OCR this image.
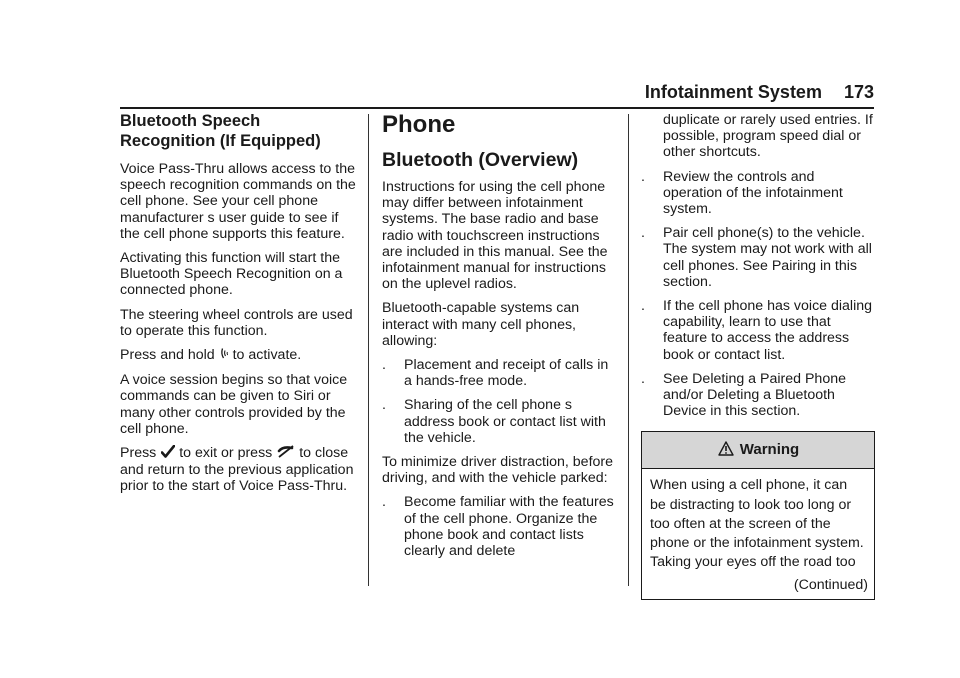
Infotainment System 173
Bluetooth Speech Recognition (If Equipped)

Voice Pass-Thru allows access to the speech recognition commands on the cell phone. See your cell phone manufacturer s user guide to see if the cell phone supports this feature.

Activating this function will start the Bluetooth Speech Recognition on a connected phone.

The steering wheel controls are used to operate this function.

Press and hold to activate.

A voice session begins so that voice commands can be given to Siri or many other controls provided by the cell phone.

Press to exit or press to close and return to the previous application prior to the start of Voice Pass-Thru.

Phone
Bluetooth (Overview)

Instructions for using the cell phone may differ between infotainment systems. The base radio and base radio with touchscreen instructions are included in this manual. See the infotainment manual for instructions on the uplevel radios.

Bluetooth-capable systems can interact with many cell phones, allowing:

.	Placement and receipt of calls in a hands-free mode.
.	Sharing of the cell phone s address book or contact list with the vehicle.

To minimize driver distraction, before driving, and with the vehicle parked:

.	Become familiar with the features of the cell phone. Organize the phone book and contact lists clearly and delete
duplicate or rarely used entries. If possible, program speed dial or other shortcuts.
.	Review the controls and operation of the infotainment system.
.	Pair cell phone(s) to the vehicle. The system may not work with all cell phones. See Pairing in this section.
.	If the cell phone has voice dialing capability, learn to use that feature to access the address book or contact list.
.	See Deleting a Paired Phone and/or Deleting a Bluetooth Device in this section.
Warning
When using a cell phone, it can be distracting to look too long or too often at the screen of the phone or the infotainment system. Taking your eyes off the road too
(Continued)
